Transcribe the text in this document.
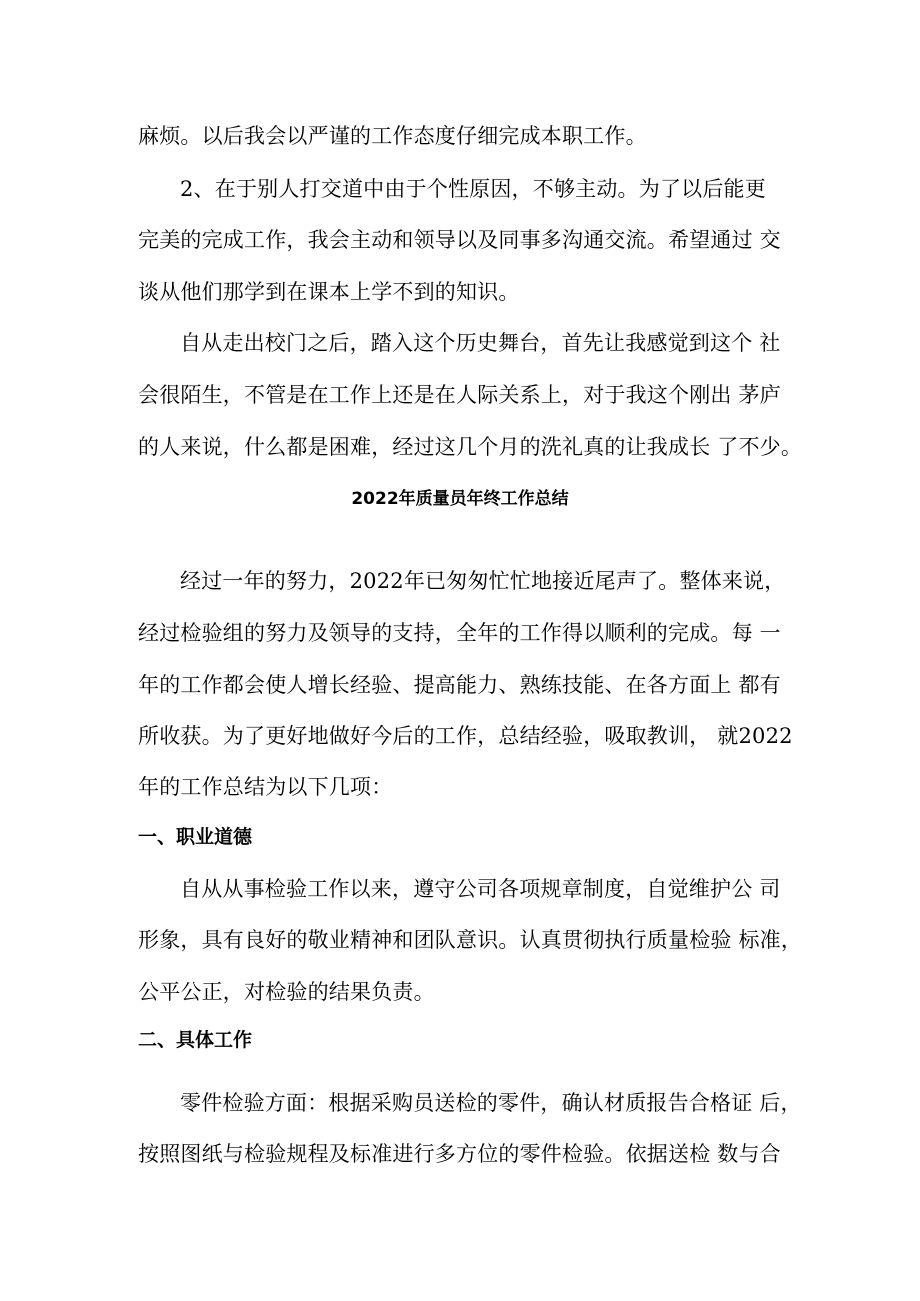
麻烦。以后我会以严谨的工作态度仔细完成本职工作。
2、在于别人打交道中由于个性原因，不够主动。为了以后能更
完美的完成工作，我会主动和领导以及同事多沟通交流。希望通过 交
谈从他们那学到在课本上学不到的知识。
自从走出校门之后，踏入这个历史舞台，首先让我感觉到这个 社
会很陌生，不管是在工作上还是在人际关系上，对于我这个刚出 茅庐
的人来说，什么都是困难，经过这几个月的洗礼真的让我成长 了不少。
2022年质量员年终工作总结
经过一年的努力，2022年已匆匆忙忙地接近尾声了。整体来说，
经过检验组的努力及领导的支持，全年的工作得以顺利的完成。每 一
年的工作都会使人增长经验、提高能力、熟练技能、在各方面上 都有
所收获。为了更好地做好今后的工作，总结经验，吸取教训， 就2022
年的工作总结为以下几项：
一、职业道德
自从从事检验工作以来，遵守公司各项规章制度，自觉维护公 司
形象，具有良好的敬业精神和团队意识。认真贯彻执行质量检验 标准，
公平公正，对检验的结果负责。
二、具体工作
零件检验方面：根据采购员送检的零件，确认材质报告合格证 后，
按照图纸与检验规程及标准进行多方位的零件检验。依据送检 数与合
